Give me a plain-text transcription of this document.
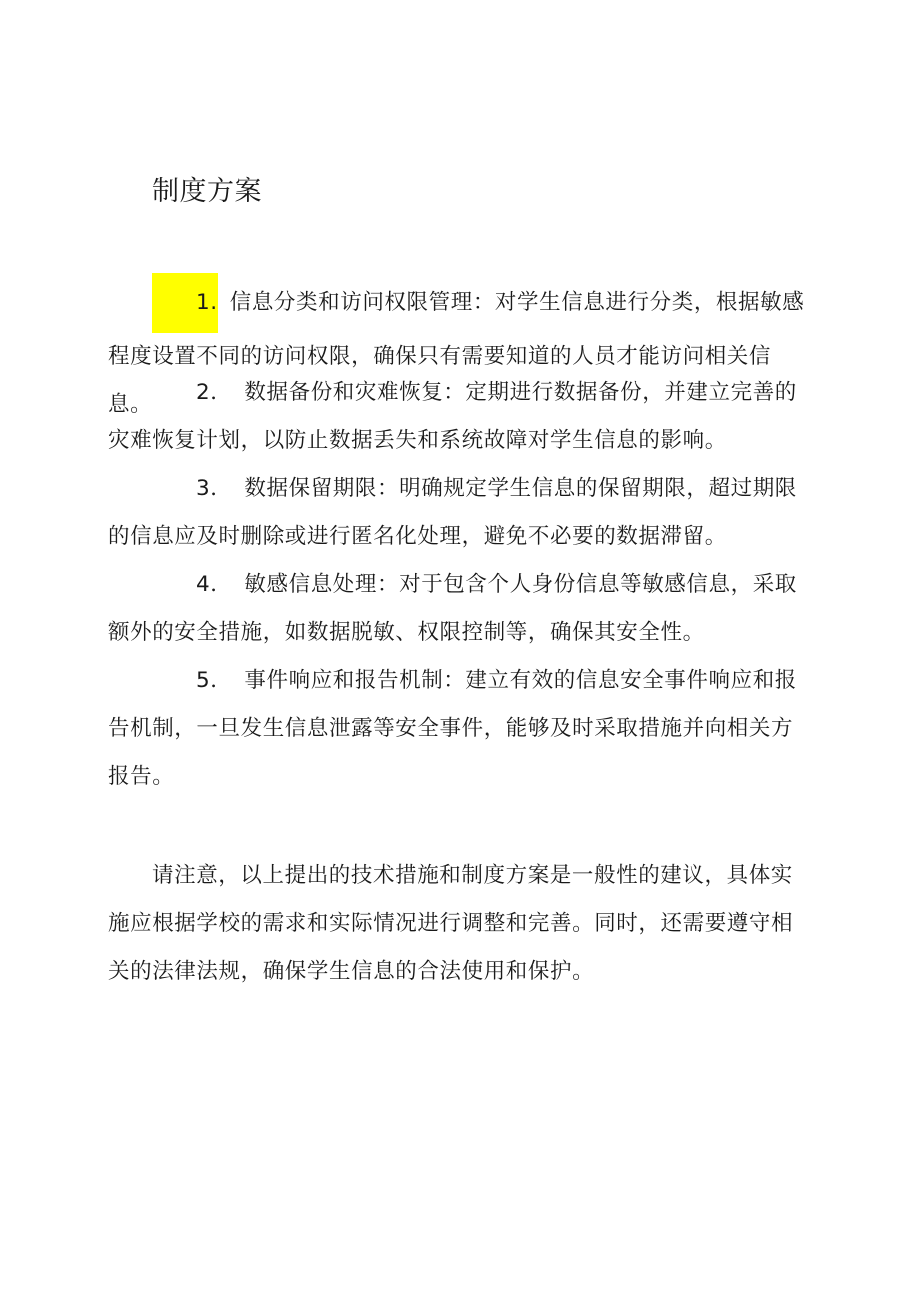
制度方案

1. 信息分类和访问权限管理：对学生信息进行分类，根据敏感程度设置不同的访问权限，确保只有需要知道的人员才能访问相关信息。	2． 数据备份和灾难恢复：定期进行数据备份，并建立完善的灾难恢复计划，以防止数据丢失和系统故障对学生信息的影响。

3． 数据保留期限：明确规定学生信息的保留期限，超过期限的信息应及时删除或进行匿名化处理，避免不必要的数据滞留。

4． 敏感信息处理：对于包含个人身份信息等敏感信息，采取额外的安全措施，如数据脱敏、权限控制等，确保其安全性。

5． 事件响应和报告机制：建立有效的信息安全事件响应和报告机制，一旦发生信息泄露等安全事件，能够及时采取措施并向相关方报告。

请注意，以上提出的技术措施和制度方案是一般性的建议，具体实施应根据学校的需求和实际情况进行调整和完善。同时，还需要遵守相关的法律法规，确保学生信息的合法使用和保护。
